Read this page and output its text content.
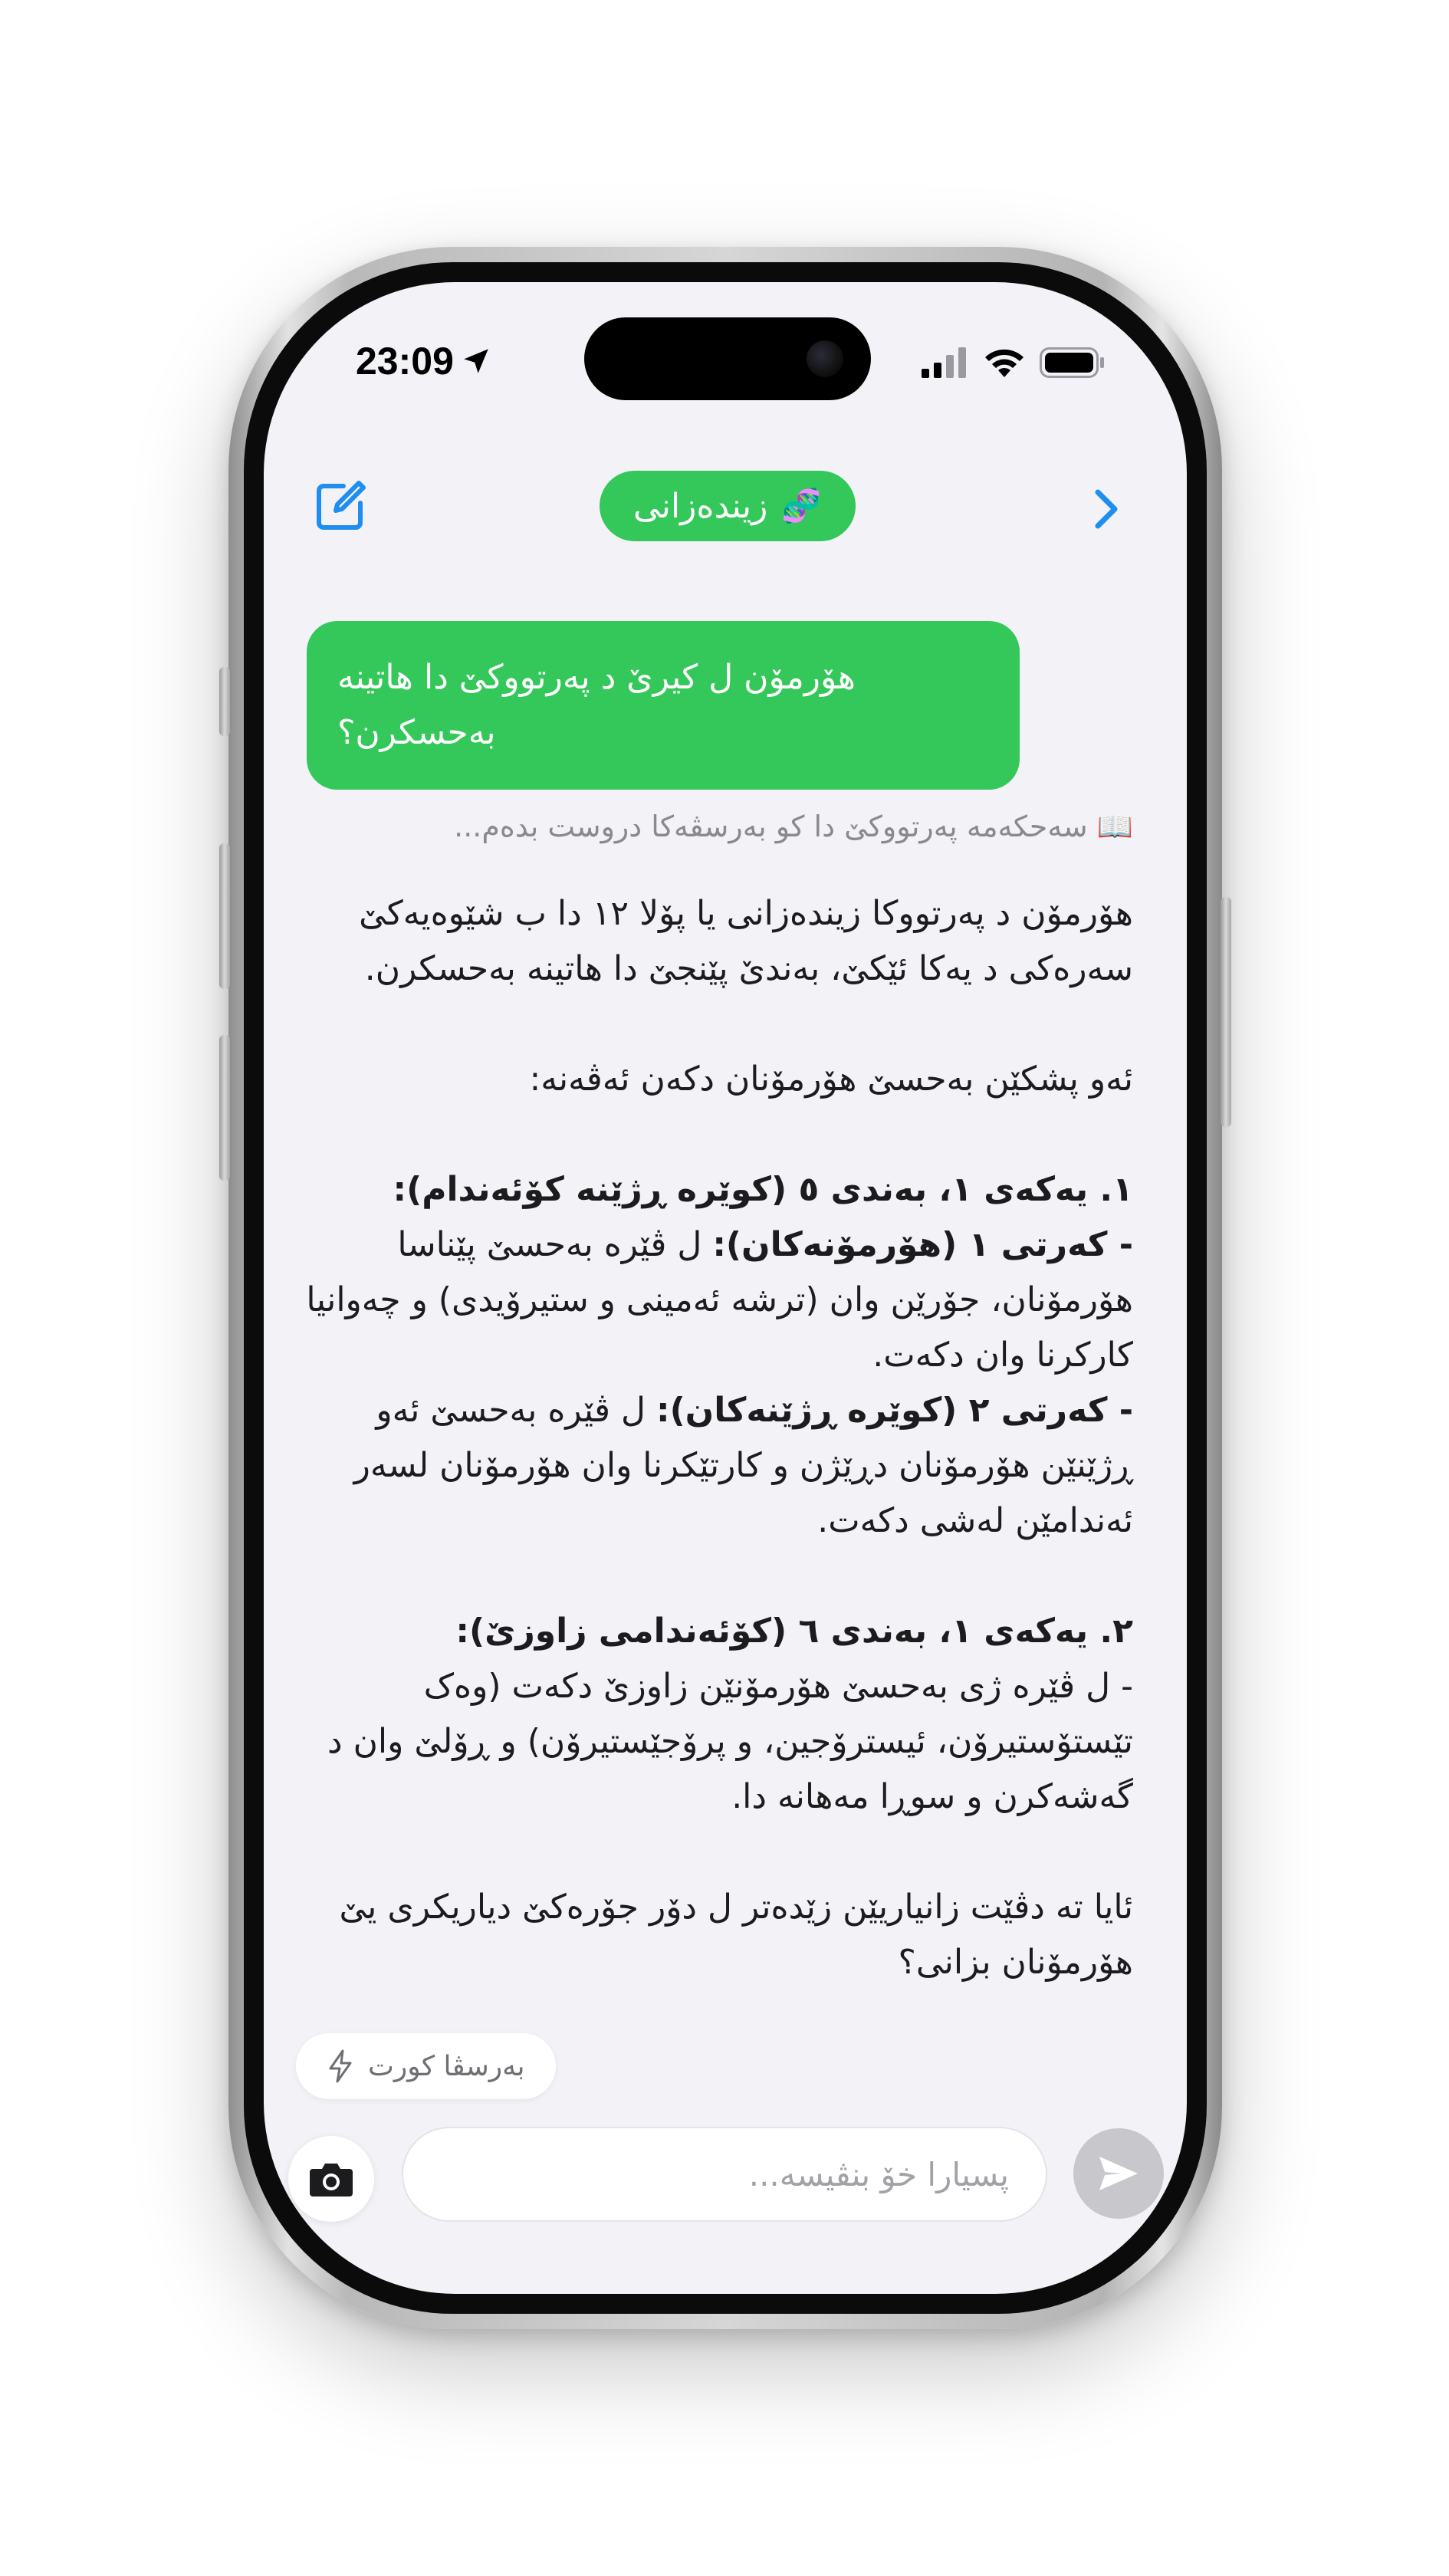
23:09
🧬
زیندەزانی
هۆرمۆن ل کیرێ د پەرتووکێ دا هاتینە بەحسکرن؟
📖 سەحکەمە پەرتووکێ دا کو بەرسڤەکا دروست بدەم...

هۆرمۆن د پەرتووکا زیندەزانی یا پۆلا ١٢ دا ب شێوەیەکێ سەرەکی د یەکا ئێکێ، بەندێ پێنجێ دا هاتینە بەحسکرن.

ئەو پشکێن بەحسێ هۆرمۆنان دکەن ئەڤەنە:

١. یەکەی ١، بەندی ٥ (کوێرە ڕژێنە کۆئەندام):

- کەرتی ١ (هۆرمۆنەکان): ل ڤێرە بەحسێ پێناسا هۆرمۆنان، جۆرێن وان (ترشە ئەمینی و ستیرۆیدی) و چەوانیا کارکرنا وان دکەت.

- کەرتی ٢ (کوێرە ڕژێنەکان): ل ڤێرە بەحسێ ئەو ڕژێنێن هۆرمۆنان دڕێژن و کارتێکرنا وان هۆرمۆنان لسەر ئەندامێن لەشی دکەت.

٢. یەکەی ١، بەندی ٦ (کۆئەندامی زاوزێ):

- ل ڤێرە ژی بەحسێ هۆرمۆنێن زاوزێ دکەت (وەک تێستۆستیرۆن، ئیسترۆجین، و پرۆجێستیرۆن) و ڕۆلێ وان د گەشەکرن و سوڕا مەهانە دا.

ئایا تە دڤێت زانیاریێن زێدەتر ل دۆر جۆرەکێ دیاریکری یێ هۆرمۆنان بزانی؟

بەرسڤا کورت
پسیارا خۆ بنڤیسە...
